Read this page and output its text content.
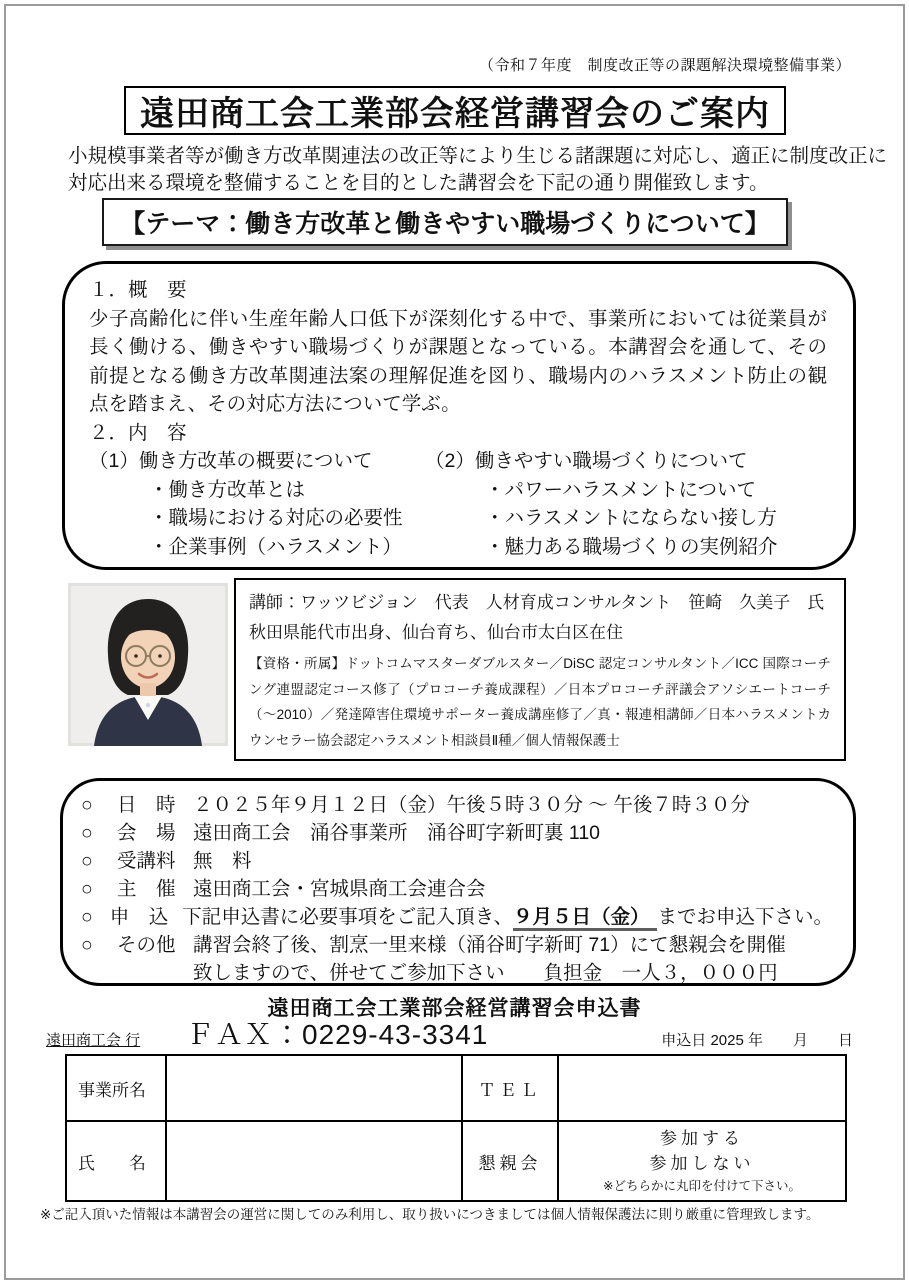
（令和７年度　制度改正等の課題解決環境整備事業）
遠田商工会工業部会経営講習会のご案内
小規模事業者等が働き方改革関連法の改正等により生じる諸課題に対応し、適正に制度改正に
対応出来る環境を整備することを目的とした講習会を下記の通り開催致します。
【テーマ：働き方改革と働きやすい職場づくりについて】
１．概　要
少子高齢化に伴い生産年齢人口低下が深刻化する中で、事業所においては従業員が長く働ける、働きやすい職場づくりが課題となっている。本講習会を通して、その前提となる働き方改革関連法案の理解促進を図り、職場内のハラスメント防止の観点を踏まえ、その対応方法について学ぶ。
２．内　容
（1）働き方改革の概要について
・働き方改革とは
・職場における対応の必要性
・企業事例（ハラスメント）
（2）働きやすい職場づくりについて
・パワーハラスメントについて
・ハラスメントにならない接し方
・魅力ある職場づくりの実例紹介
講師：ワッツビジョン　代表　人材育成コンサルタント　笹崎　久美子　氏
秋田県能代市出身、仙台育ち、仙台市太白区在住
【資格・所属】ドットコムマスターダブルスター／DiSC 認定コンサルタント／ICC 国際コーチング連盟認定コース修了（プロコーチ養成課程）／日本プロコーチ評議会アソシエートコーチ（～2010）／発達障害住環境サポーター養成講座修了／真・報連相講師／日本ハラスメントカウンセラー協会認定ハラスメント相談員Ⅱ種／個人情報保護士
○	日　時 ２０２５年９月１２日（金）午後５時３０分 ～ 午後７時３０分
○	会　場 遠田商工会　涌谷事業所　涌谷町字新町裏 110
○	受講料 無　料
○	主　催 遠田商工会・宮城県商工会連合会
○ 申　込 下記申込書に必要事項をご記入頂き、９月５日（金） までお申込下さい。
○	その他 講習会終了後、割烹一里来様（涌谷町字新町 71）にて懇親会を開催
致しますので、併せてご参加下さい　　負担金　一人３，０００円
遠田商工会工業部会経営講習会申込書
遠田商工会 行 ＦＡＸ：0229-43-3341	申込日 2025 年　　月　　日
事業所名		ＴＥＬ	
氏　　名		懇親会	参加する
参加しない
※どちらかに丸印を付けて下さい。
※ご記入頂いた情報は本講習会の運営に関してのみ利用し、取り扱いにつきましては個人情報保護法に則り厳重に管理致します。
